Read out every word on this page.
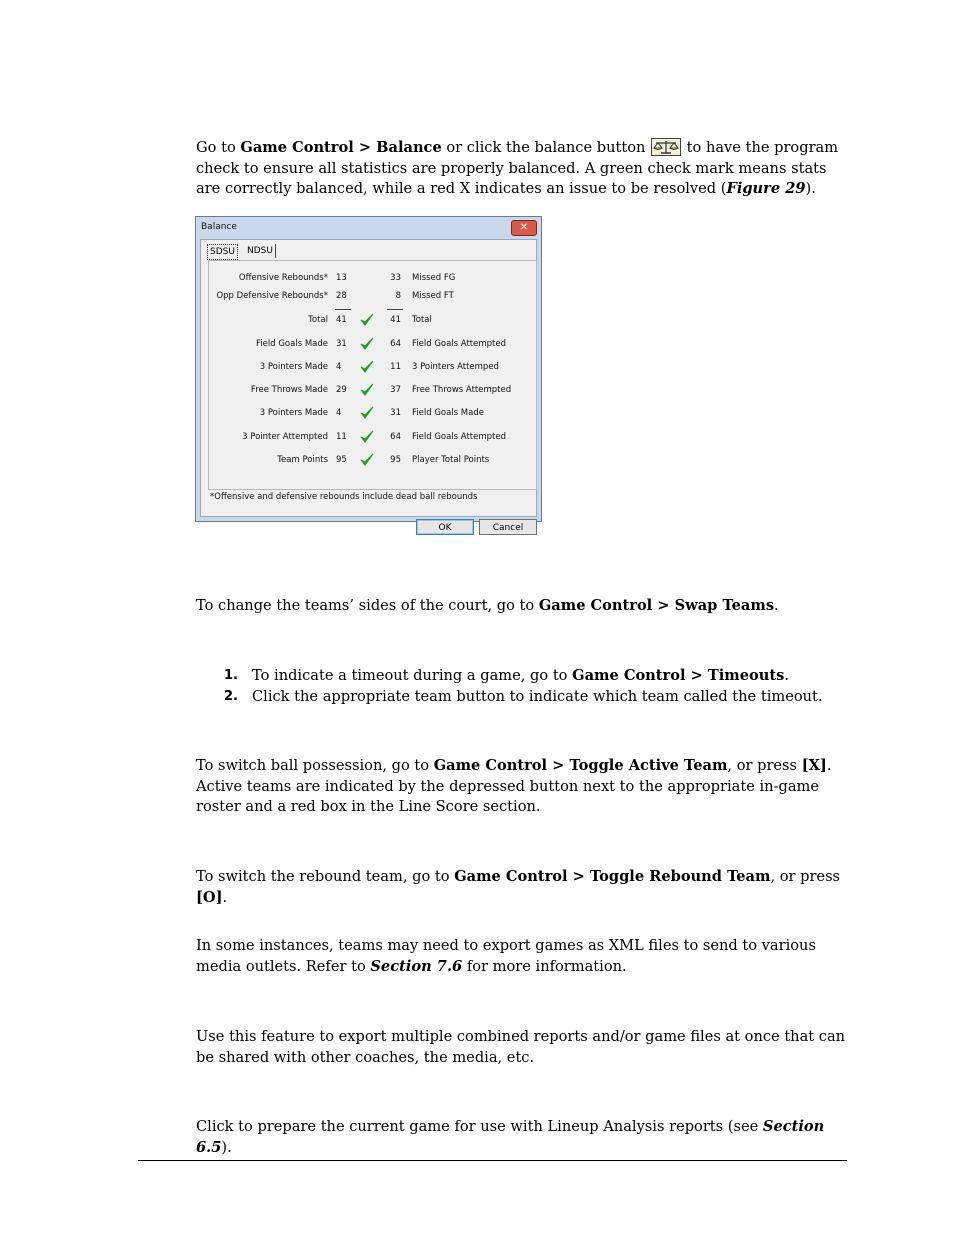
Go to Game Control > Balance or click the balance button
to have the program check to ensure all statistics are properly balanced. A green check mark means stats are correctly balanced, while a red X indicates an issue to be resolved (Figure 29).

Balance	✕
SDSU	NDSU
Offensive Rebounds* 13	33 Missed FG
Opp Defensive Rebounds* 28	8 Missed FT
Total 41	41 Total
Field Goals Made 31	64 Field Goals Attempted
3 Pointers Made 4	11 3 Pointers Attemped
Free Throws Made 29	37 Free Throws Attempted
3 Pointers Made 4	31 Field Goals Made
3 Pointer Attempted 11	64 Field Goals Attempted
Team Points 95	95 Player Total Points
*Offensive and defensive rebounds include dead ball rebounds
OK	Cancel

To change the teams’ sides of the court, go to Game Control > Swap Teams.

1. To indicate a timeout during a game, go to Game Control > Timeouts.
2. Click the appropriate team button to indicate which team called the timeout.

To switch ball possession, go to Game Control > Toggle Active Team, or press [X]. Active teams are indicated by the depressed button next to the appropriate in-game roster and a red box in the Line Score section.

To switch the rebound team, go to Game Control > Toggle Rebound Team, or press [O].

In some instances, teams may need to export games as XML files to send to various media outlets. Refer to Section 7.6 for more information.

Use this feature to export multiple combined reports and/or game files at once that can be shared with other coaches, the media, etc.

Click to prepare the current game for use with Lineup Analysis reports (see Section 6.5).
